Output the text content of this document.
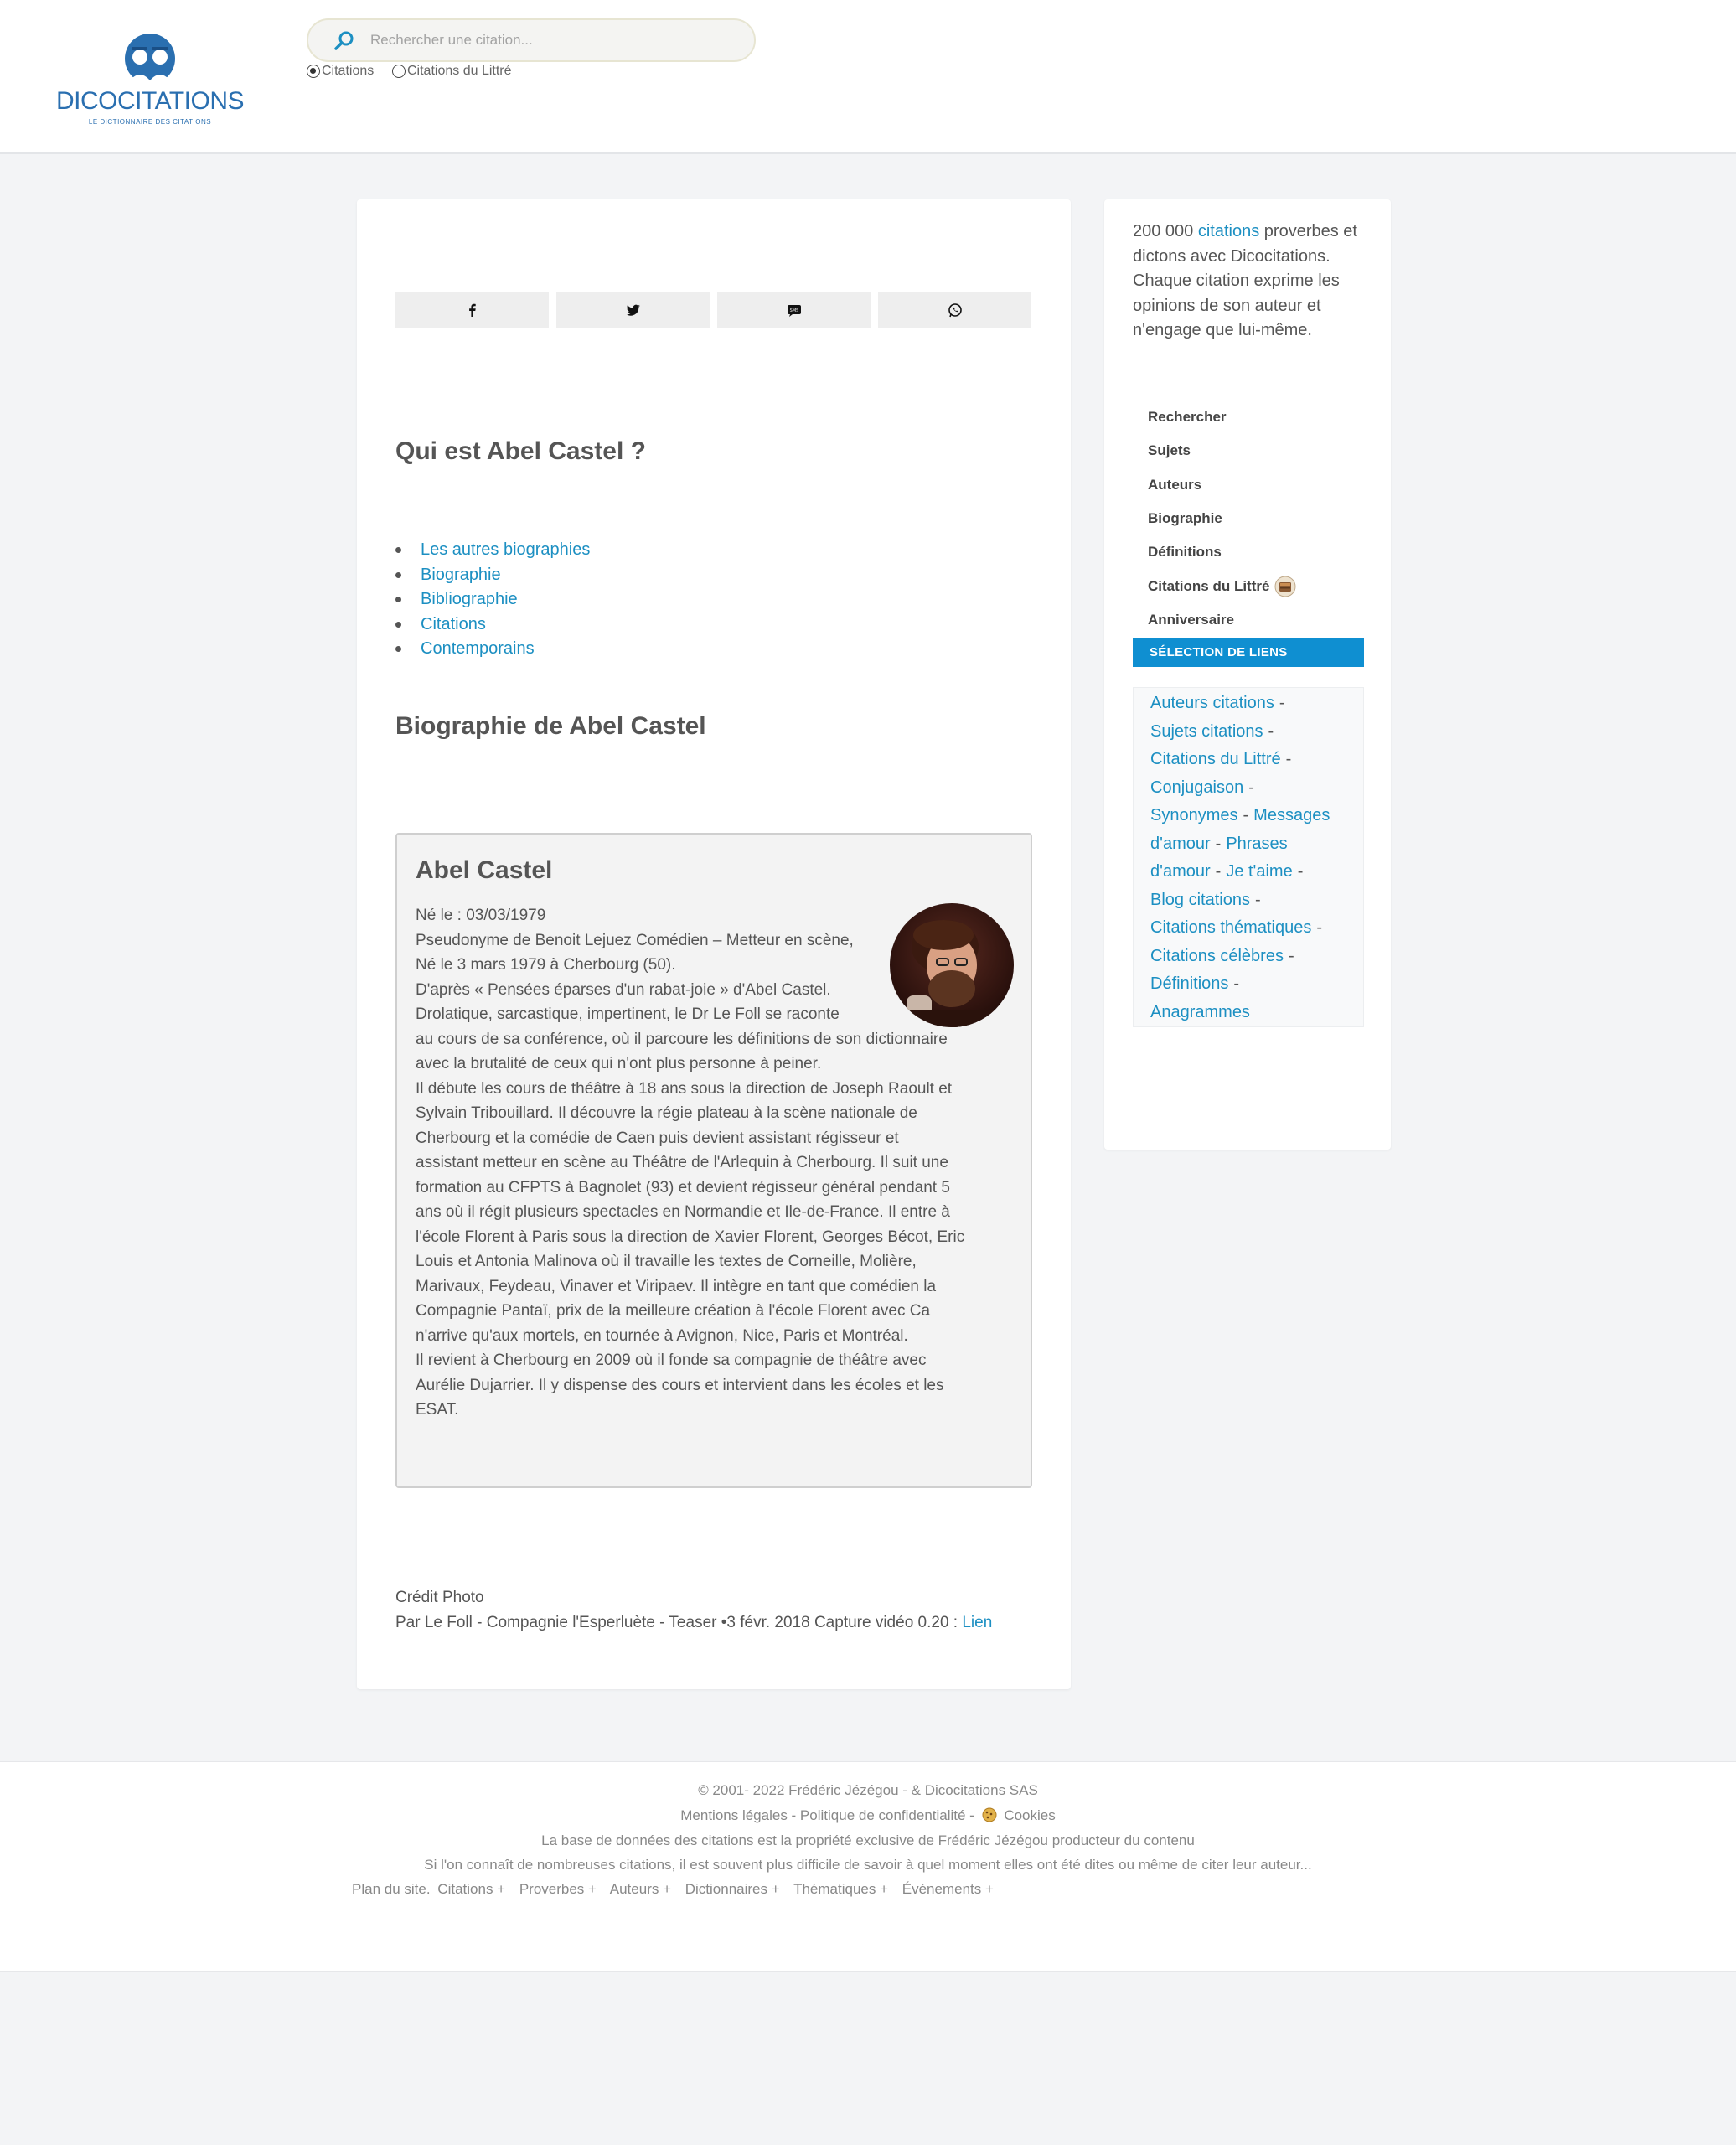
DICOCITATIONS
LE DICTIONNAIRE DES CITATIONS
Rechercher une citation...
Citations Citations du Littré
SMS
Qui est Abel Castel ?
Les autres biographies
Biographie
Bibliographie
Citations
Contemporains
Biographie de Abel Castel
Abel Castel

Né le : 03/03/1979

Pseudonyme de Benoit Lejuez Comédien – Metteur en scène,

Né le 3 mars 1979 à Cherbourg (50).

D'après « Pensées éparses d'un rabat-joie » d'Abel Castel.

Drolatique, sarcastique, impertinent, le Dr Le Foll se raconte

au cours de sa conférence, où il parcoure les définitions de son dictionnaire

avec la brutalité de ceux qui n'ont plus personne à peiner.

Il débute les cours de théâtre à 18 ans sous la direction de Joseph Raoult et

Sylvain Tribouillard. Il découvre la régie plateau à la scène nationale de

Cherbourg et la comédie de Caen puis devient assistant régisseur et

assistant metteur en scène au Théâtre de l'Arlequin à Cherbourg. Il suit une

formation au CFPTS à Bagnolet (93) et devient régisseur général pendant 5

ans où il régit plusieurs spectacles en Normandie et Ile-de-France. Il entre à

l'école Florent à Paris sous la direction de Xavier Florent, Georges Bécot, Eric

Louis et Antonia Malinova où il travaille les textes de Corneille, Molière,

Marivaux, Feydeau, Vinaver et Viripaev. Il intègre en tant que comédien la

Compagnie Pantaï, prix de la meilleure création à l'école Florent avec Ca

n'arrive qu'aux mortels, en tournée à Avignon, Nice, Paris et Montréal.

Il revient à Cherbourg en 2009 où il fonde sa compagnie de théâtre avec

Aurélie Dujarrier. Il y dispense des cours et intervient dans les écoles et les

ESAT.

Crédit Photo
Par Le Foll - Compagnie l'Esperluète - Teaser •3 févr. 2018 Capture vidéo 0.20 : Lien
200 000 citations proverbes et dictons avec Dicocitations. Chaque citation exprime les opinions de son auteur et n'engage que lui-même.
Rechercher
Sujets
Auteurs
Biographie
Définitions
Citations du Littré
Anniversaire
SÉLECTION DE LIENS
Auteurs citations -
Sujets citations -
Citations du Littré -
Conjugaison -
Synonymes - Messages d'amour - Phrases d'amour - Je t'aime -
Blog citations -
Citations thématiques -
Citations célèbres -
Définitions -
Anagrammes
© 2001- 2022 Frédéric Jézégou - & Dicocitations SAS
Mentions légales - Politique de confidentialité - Cookies
La base de données des citations est la propriété exclusive de Frédéric Jézégou producteur du contenu
Si l'on connaît de nombreuses citations, il est souvent plus difficile de savoir à quel moment elles ont été dites ou même de citer leur auteur...
Plan du site. Citations + Proverbes + Auteurs + Dictionnaires + Thématiques + Événements +
